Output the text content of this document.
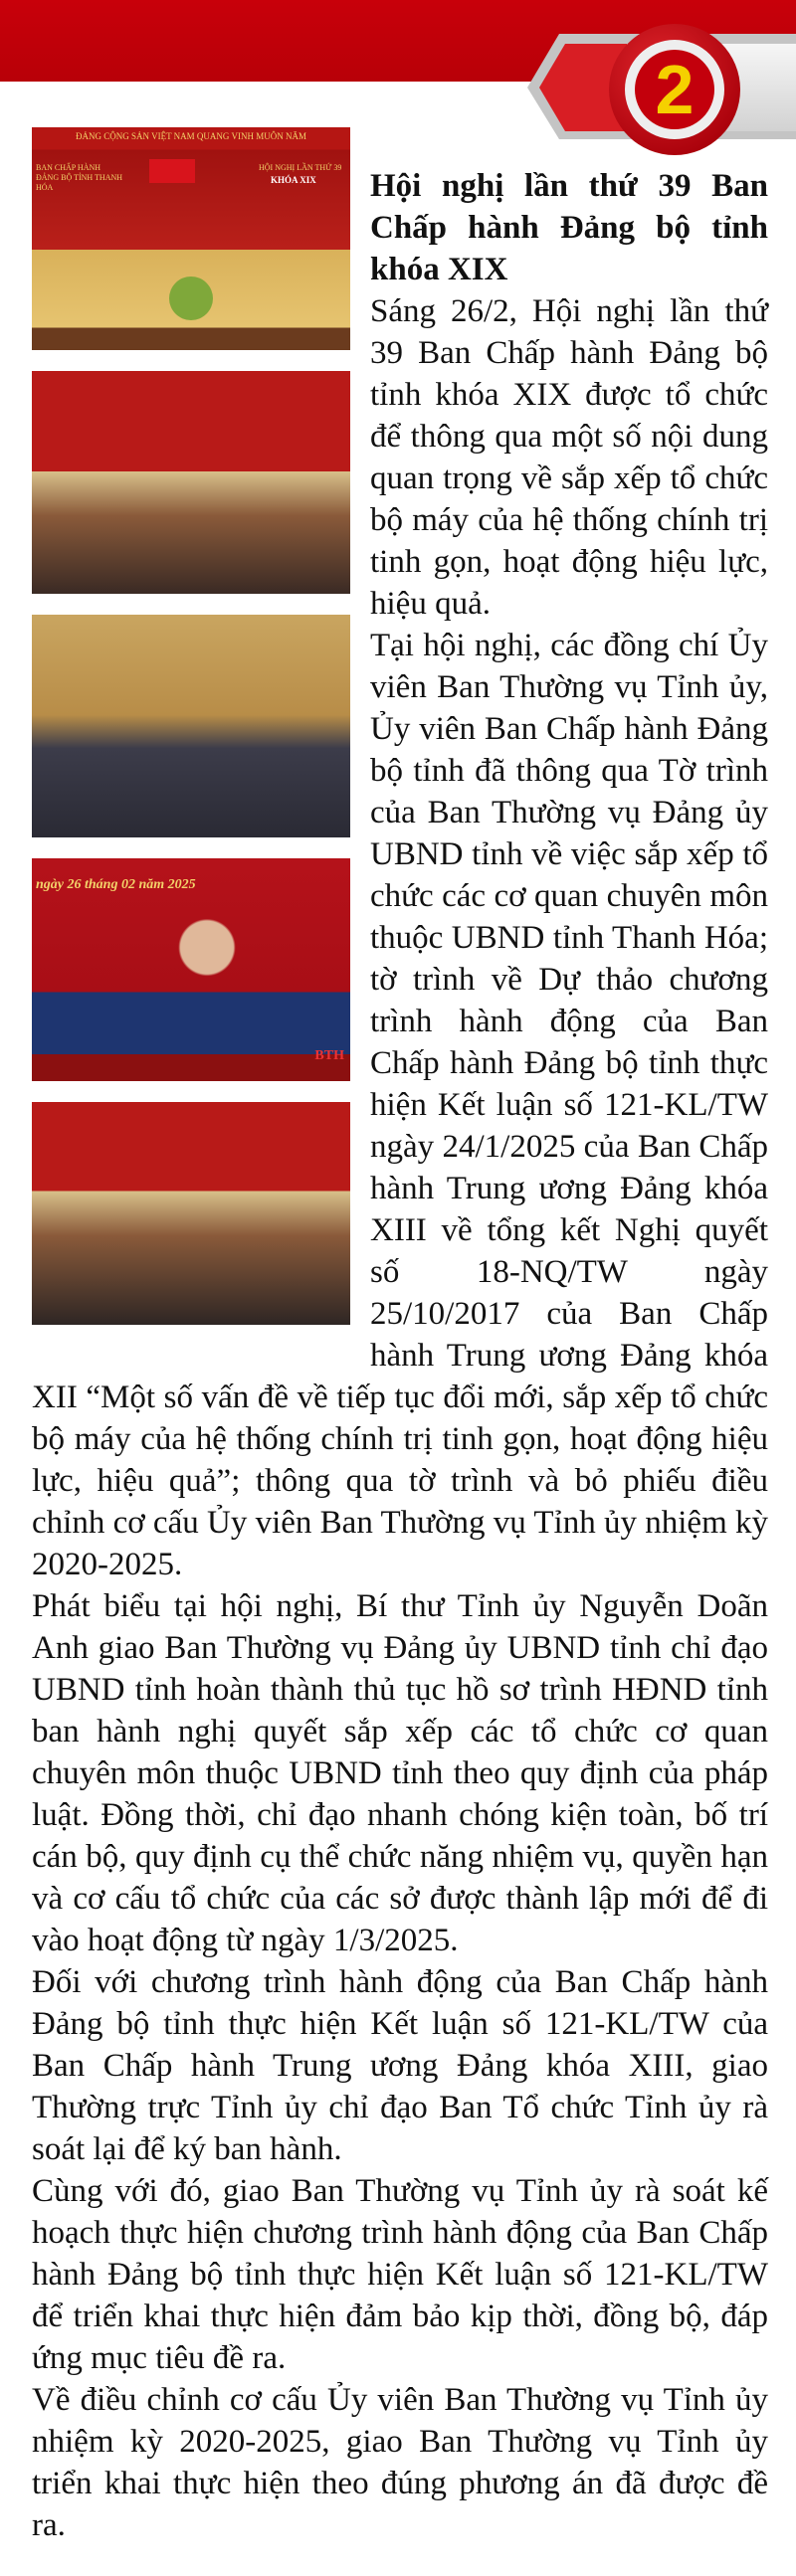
2
ĐẢNG CỘNG SẢN VIỆT NAM QUANG VINH MUÔN NĂM
BAN CHẤP HÀNH ĐẢNG BỘ TỈNH THANH HÓA
HỘI NGHỊ LẦN THỨ 39
KHÓA XIX
ngày 26 tháng 02 năm 2025
BTH

Hội nghị lần thứ 39 Ban Chấp hành Đảng bộ tỉnh khóa XIX

Sáng 26/2, Hội nghị lần thứ 39 Ban Chấp hành Đảng bộ tỉnh khóa XIX được tổ chức để thông qua một số nội dung quan trọng về sắp xếp tổ chức bộ máy của hệ thống chính trị tinh gọn, hoạt động hiệu lực, hiệu quả.

Tại hội nghị, các đồng chí Ủy viên Ban Thường vụ Tỉnh ủy, Ủy viên Ban Chấp hành Đảng bộ tỉnh đã thông qua Tờ trình của Ban Thường vụ Đảng ủy UBND tỉnh về việc sắp xếp tổ chức các cơ quan chuyên môn thuộc UBND tỉnh Thanh Hóa; tờ trình về Dự thảo chương trình hành động của Ban Chấp hành Đảng bộ tỉnh thực hiện Kết luận số 121-KL/TW ngày 24/1/2025 của Ban Chấp hành Trung ương Đảng khóa XIII về tổng kết Nghị quyết số 18-NQ/TW ngày 25/10/2017 của Ban Chấp hành Trung ương Đảng khóa XII “Một số vấn đề về tiếp tục đổi mới, sắp xếp tổ chức bộ máy của hệ thống chính trị tinh gọn, hoạt động hiệu lực, hiệu quả”; thông qua tờ trình và bỏ phiếu điều chỉnh cơ cấu Ủy viên Ban Thường vụ Tỉnh ủy nhiệm kỳ 2020-2025.

Phát biểu tại hội nghị, Bí thư Tỉnh ủy Nguyễn Doãn Anh giao Ban Thường vụ Đảng ủy UBND tỉnh chỉ đạo UBND tỉnh hoàn thành thủ tục hồ sơ trình HĐND tỉnh ban hành nghị quyết sắp xếp các tổ chức cơ quan chuyên môn thuộc UBND tỉnh theo quy định của pháp luật. Đồng thời, chỉ đạo nhanh chóng kiện toàn, bố trí cán bộ, quy định cụ thể chức năng nhiệm vụ, quyền hạn và cơ cấu tổ chức của các sở được thành lập mới để đi vào hoạt động từ ngày 1/3/2025.

Đối với chương trình hành động của Ban Chấp hành Đảng bộ tỉnh thực hiện Kết luận số 121-KL/TW của Ban Chấp hành Trung ương Đảng khóa XIII, giao Thường trực Tỉnh ủy chỉ đạo Ban Tổ chức Tỉnh ủy rà soát lại để ký ban hành.

Cùng với đó, giao Ban Thường vụ Tỉnh ủy rà soát kế hoạch thực hiện chương trình hành động của Ban Chấp hành Đảng bộ tỉnh thực hiện Kết luận số 121-KL/TW để triển khai thực hiện đảm bảo kịp thời, đồng bộ, đáp ứng mục tiêu đề ra.

Về điều chỉnh cơ cấu Ủy viên Ban Thường vụ Tỉnh ủy nhiệm kỳ 2020-2025, giao Ban Thường vụ Tỉnh ủy triển khai thực hiện theo đúng phương án đã được đề ra.
